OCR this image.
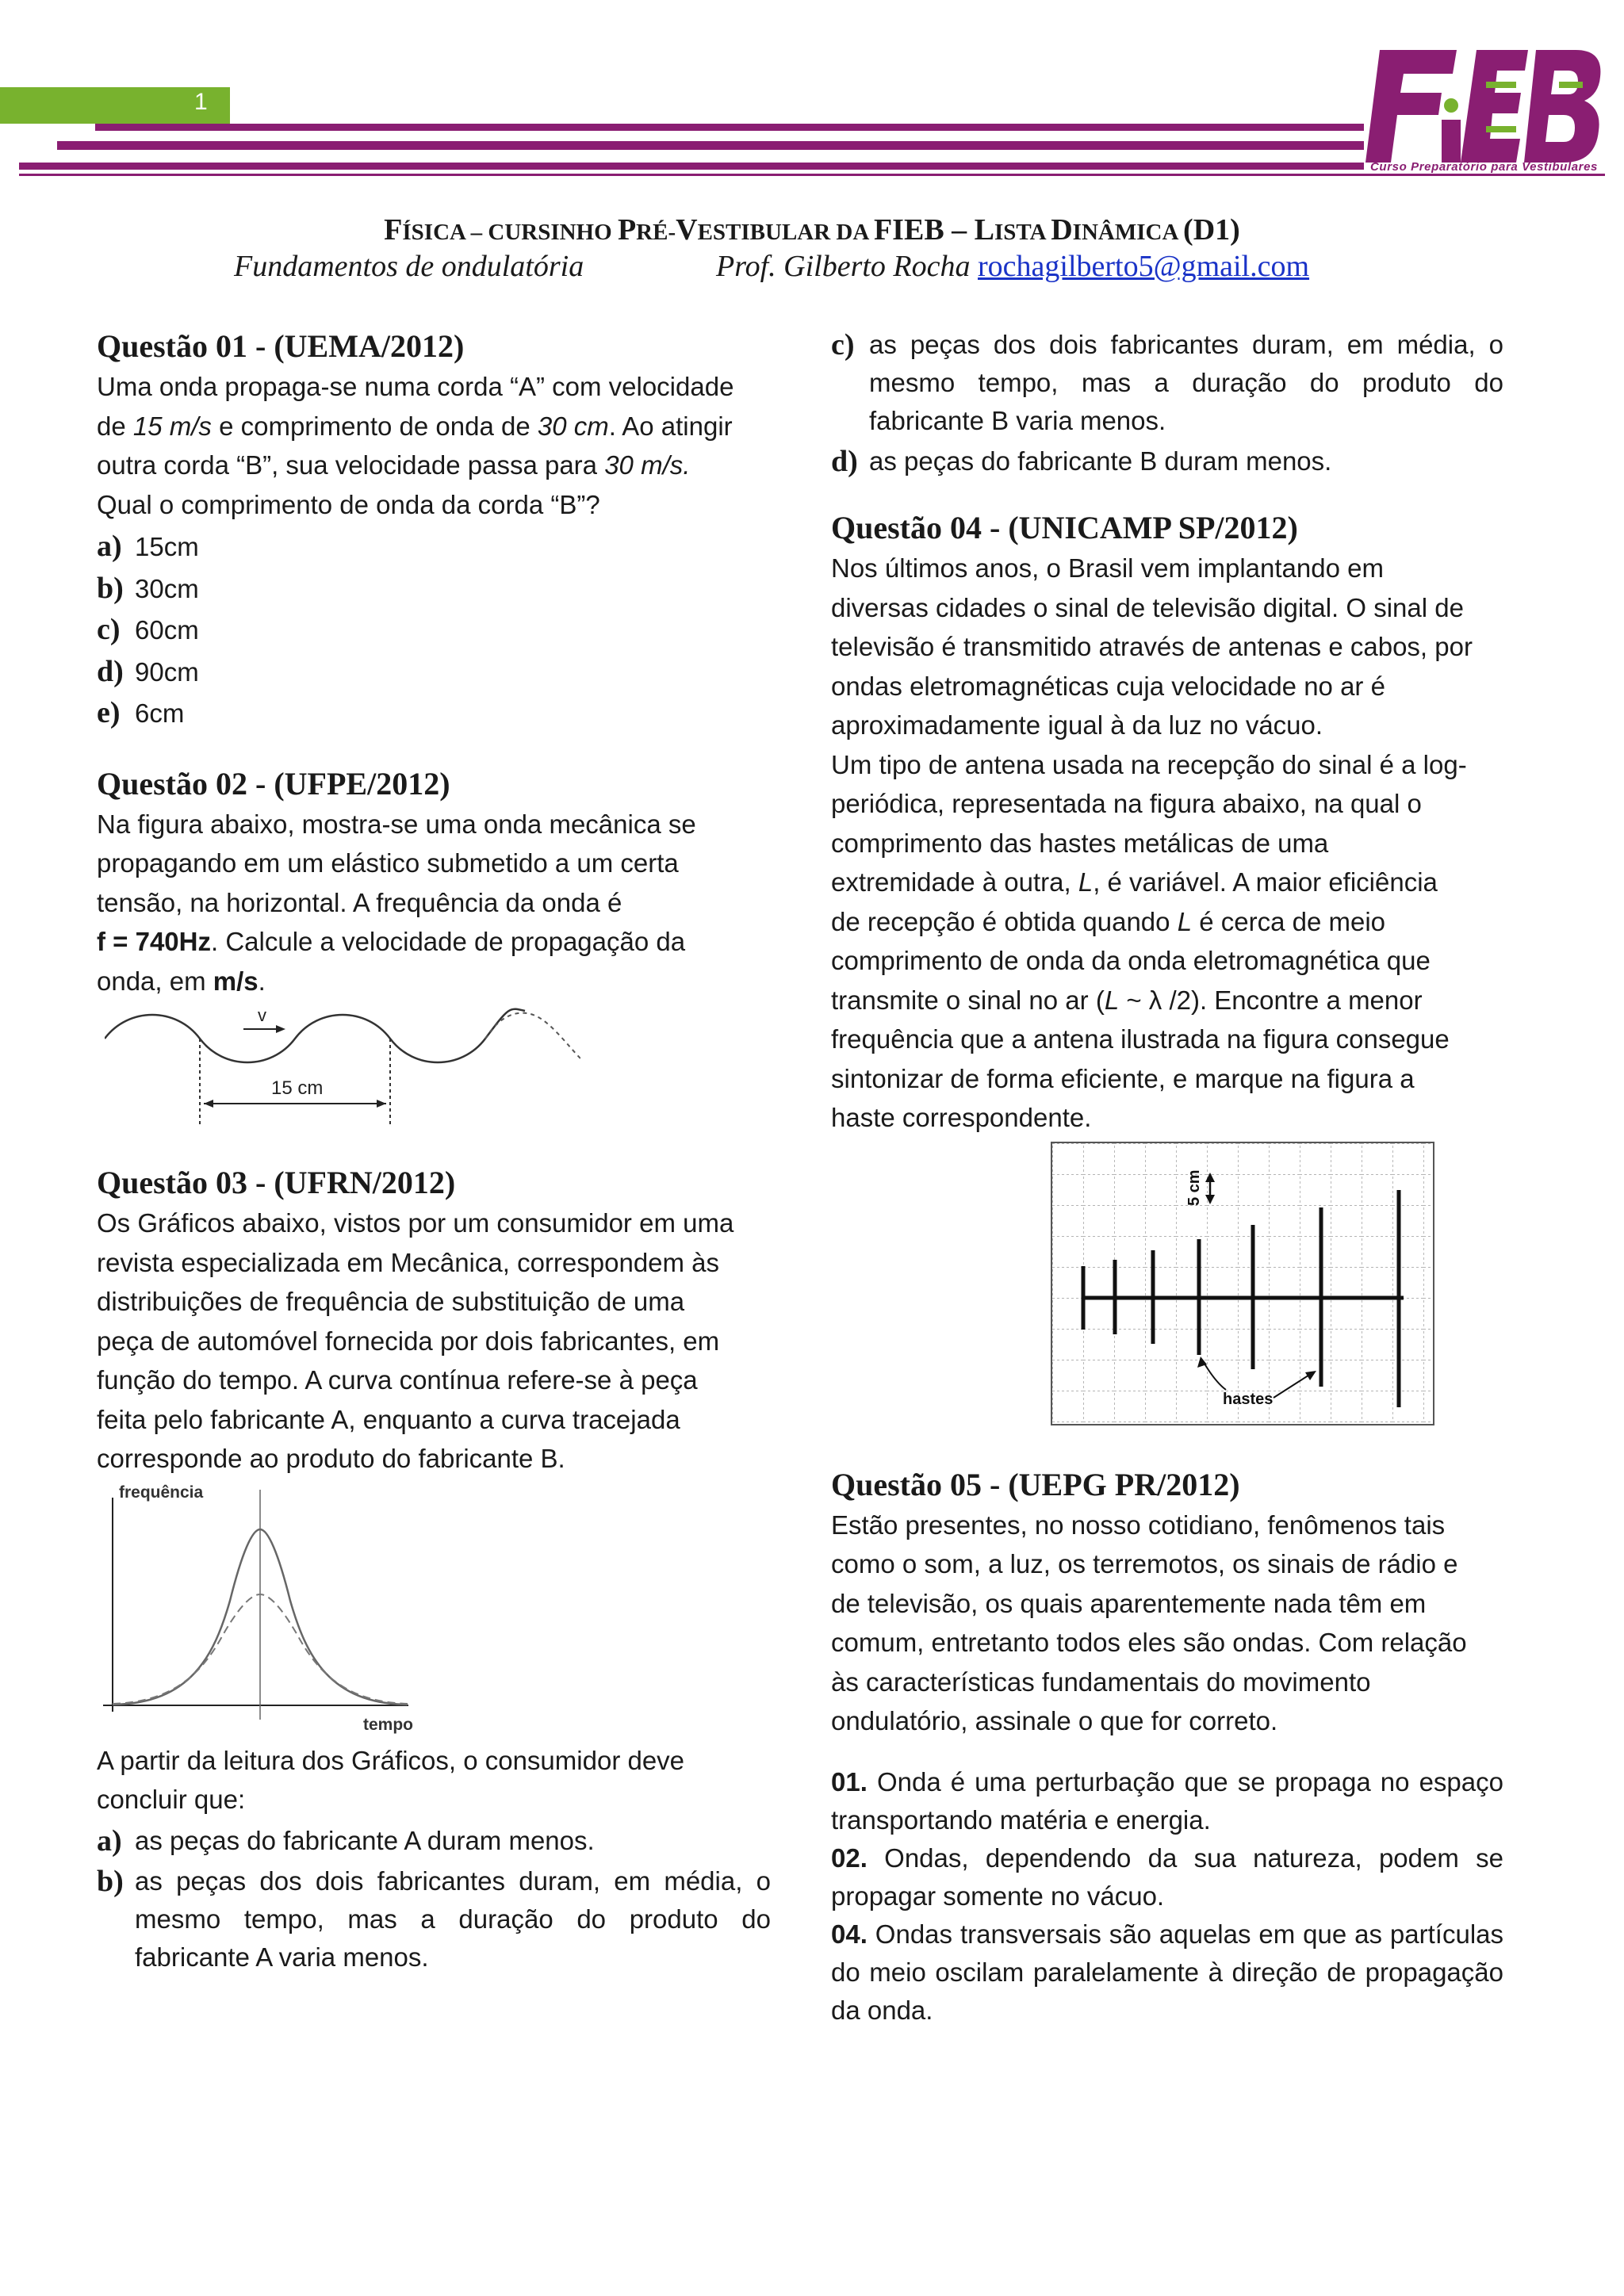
1
Curso Preparatório para Vestibulares
FÍSICA – CURSINHO PRÉ-VESTIBULAR DA FIEB – LISTA DINÂMICA (D1)
Fundamentos de ondulatória	Prof. Gilberto Rocha rochagilberto5@gmail.com
Questão 01 - (UEMA/2012)

Uma onda propaga-se numa corda “A” com velocidade
de 15 m/s e comprimento de onda de 30 cm. Ao atingir
outra corda “B”, sua velocidade passa para 30 m/s.
Qual o comprimento de onda da corda “B”?

a) 15cm
b) 30cm
c) 60cm
d) 90cm
e) 6cm
Questão 02 - (UFPE/2012)

Na figura abaixo, mostra-se uma onda mecânica se
propagando em um elástico submetido a um certa
tensão, na horizontal. A frequência da onda é
f = 740Hz. Calcule a velocidade de propagação da
onda, em m/s.

15 cm
v
Questão 03 - (UFRN/2012)

Os Gráficos abaixo, vistos por um consumidor em uma
revista especializada em Mecânica, correspondem às
distribuições de frequência de substituição de uma
peça de automóvel fornecida por dois fabricantes, em
função do tempo. A curva contínua refere-se à peça
feita pelo fabricante A, enquanto a curva tracejada
corresponde ao produto do fabricante B.

frequência
tempo

A partir da leitura dos Gráficos, o consumidor deve
concluir que:

a) as peças do fabricante A duram menos.
b) as peças dos dois fabricantes duram, em média, o mesmo tempo, mas a duração do produto do fabricante A varia menos.
c) as peças dos dois fabricantes duram, em média, o mesmo tempo, mas a duração do produto do fabricante B varia menos.
d) as peças do fabricante B duram menos.
Questão 04 - (UNICAMP SP/2012)

Nos últimos anos, o Brasil vem implantando em
diversas cidades o sinal de televisão digital. O sinal de
televisão é transmitido através de antenas e cabos, por
ondas eletromagnéticas cuja velocidade no ar é
aproximadamente igual à da luz no vácuo.
Um tipo de antena usada na recepção do sinal é a log-
periódica, representada na figura abaixo, na qual o
comprimento das hastes metálicas de uma
extremidade à outra, L, é variável. A maior eficiência
de recepção é obtida quando L é cerca de meio
comprimento de onda da onda eletromagnética que
transmite o sinal no ar (L ~ λ /2). Encontre a menor
frequência que a antena ilustrada na figura consegue
sintonizar de forma eficiente, e marque na figura a
haste correspondente.

5 cm
hastes
Questão 05 - (UEPG PR/2012)

Estão presentes, no nosso cotidiano, fenômenos tais
como o som, a luz, os terremotos, os sinais de rádio e
de televisão, os quais aparentemente nada têm em
comum, entretanto todos eles são ondas. Com relação
às características fundamentais do movimento
ondulatório, assinale o que for correto.

01. Onda é uma perturbação que se propaga no espaço transportando matéria e energia.

02. Ondas, dependendo da sua natureza, podem se propagar somente no vácuo.

04. Ondas transversais são aquelas em que as partículas do meio oscilam paralelamente à direção de propagação da onda.
